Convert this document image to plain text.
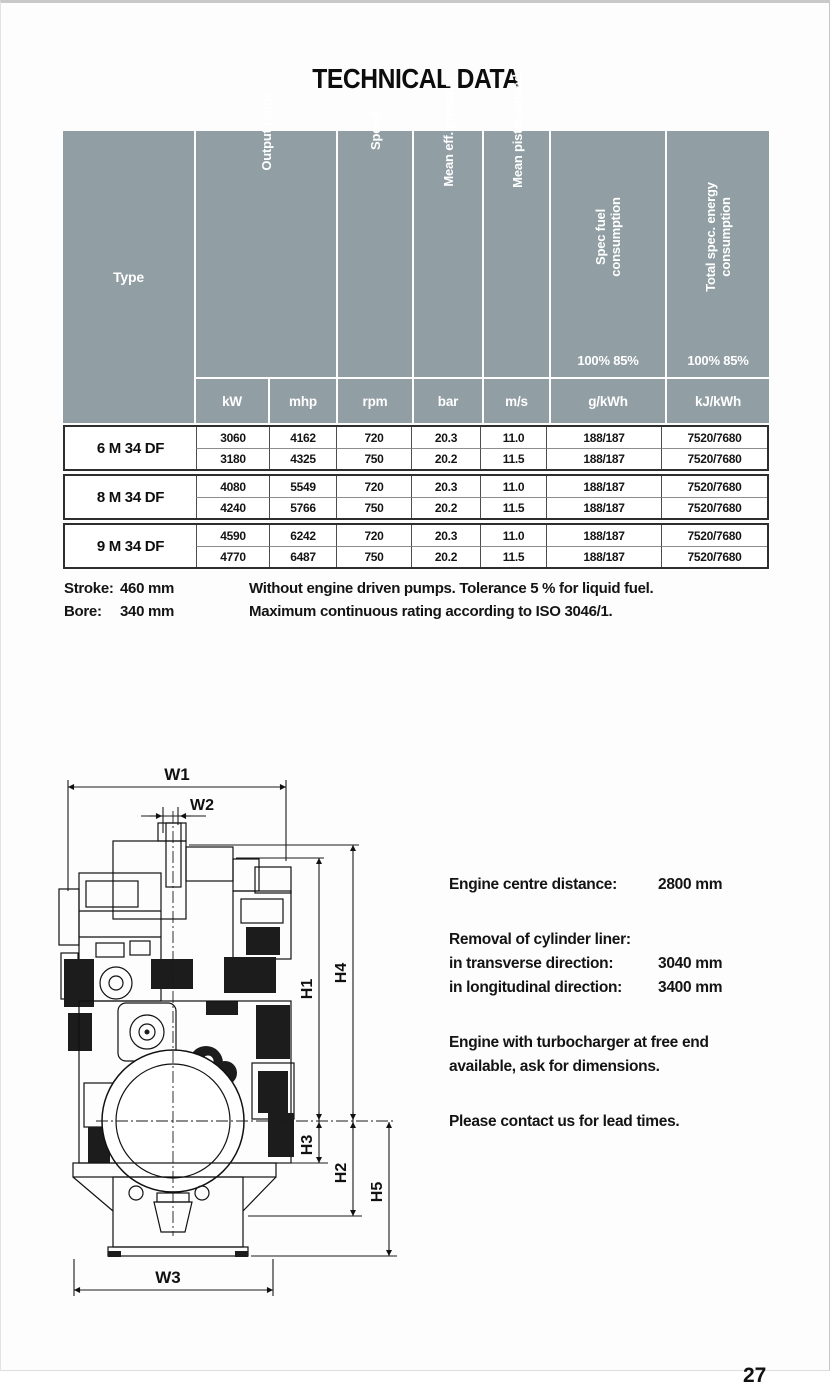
TECHNICAL DATA
Type
Output range	Speed	Mean eff. pressure	Mean piston speed
Spec fuel consumption
100% 85%
Total spec. energy consumption
100% 85%
kW	mhp	rpm	bar	m/s	g/kWh	kJ/kWh
6 M 34 DF
3060	4162	720	20.3	11.0	188/187	7520/7680
3180	4325	750	20.2	11.5	188/187	7520/7680
8 M 34 DF
4080	5549	720	20.3	11.0	188/187	7520/7680
4240	5766	750	20.2	11.5	188/187	7520/7680
9 M 34 DF
4590	6242	720	20.3	11.0	188/187	7520/7680
4770	6487	750	20.2	11.5	188/187	7520/7680
Stroke: 460 mm
Bore:	340 mm
Without engine driven pumps. Tolerance 5 % for liquid fuel.
Maximum continuous rating according to ISO 3046/1.
W1
W2
W3
H1
H4
H3
H2
H5
Engine centre distance:	2800 mm
Removal of cylinder liner:
in transverse direction:	3040 mm
in longitudinal direction:	3400 mm
Engine with turbocharger at free end
available, ask for dimensions.
Please contact us for lead times.
27
